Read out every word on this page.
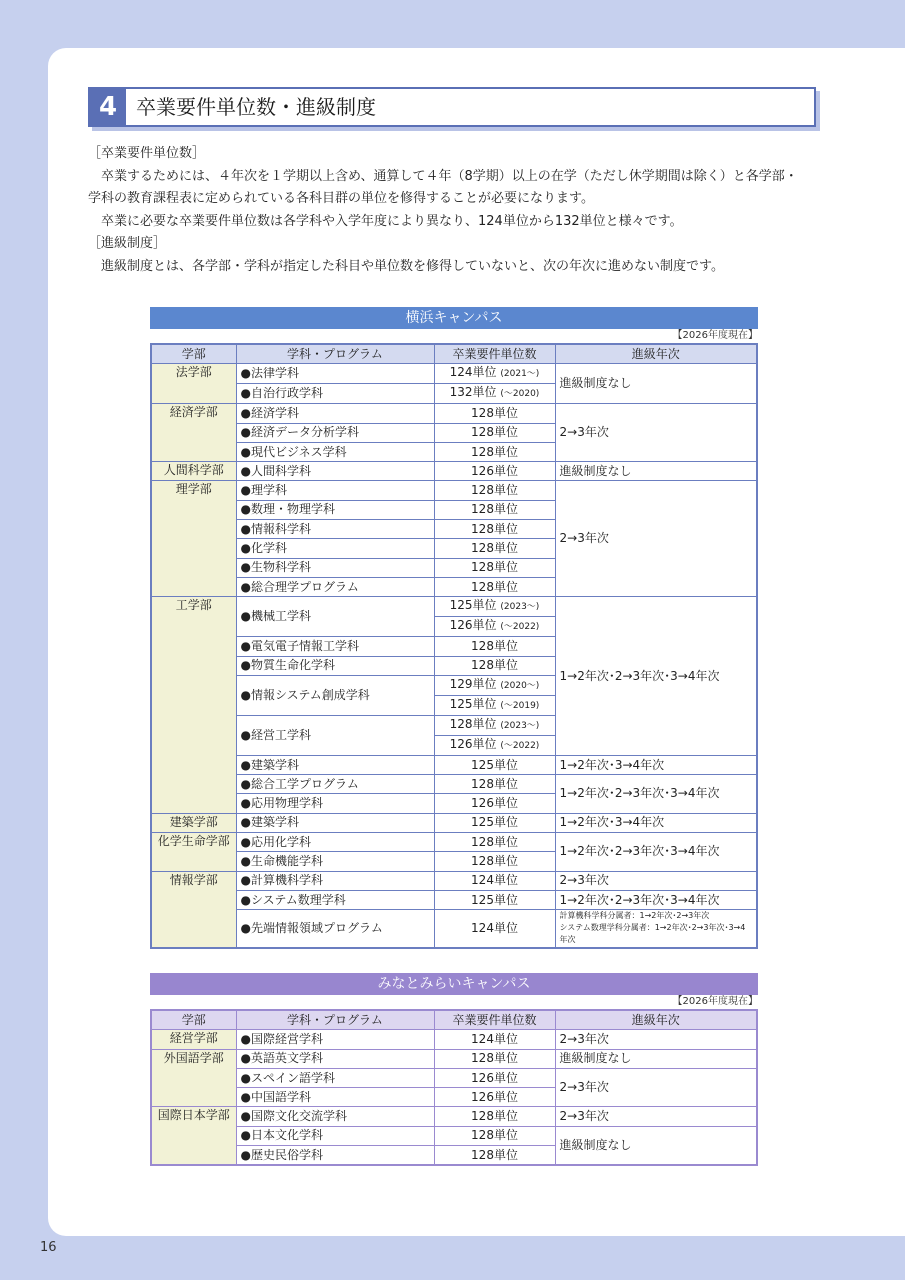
4 卒業要件単位数・進級制度

［卒業要件単位数］

卒業するためには、４年次を１学期以上含め、通算して４年（8学期）以上の在学（ただし休学期間は除く）と各学部・

学科の教育課程表に定められている各科目群の単位を修得することが必要になります。

卒業に必要な卒業要件単位数は各学科や入学年度により異なり、124単位から132単位と様々です。

［進級制度］

進級制度とは、各学部・学科が指定した科目や単位数を修得していないと、次の年次に進めない制度です。

横浜キャンパス
【2026年度現在】
学部	学科・プログラム	卒業要件単位数	進級年次
法学部	●法律学科	124単位 (2021～)	進級制度なし
	●自治行政学科	132単位 (～2020)	
経済学部	●経済学科	128単位	2→3年次
	●経済データ分析学科	128単位	
	●現代ビジネス学科	128単位	
人間科学部	●人間科学科	126単位	進級制度なし
理学部	●理学科	128単位	2→3年次
	●数理・物理学科	128単位	
	●情報科学科	128単位	
	●化学科	128単位	
	●生物科学科	128単位	
	●総合理学プログラム	128単位	
工学部	●機械工学科	125単位 (2023～)	1→2年次･2→3年次･3→4年次
		126単位 (～2022)	
	●電気電子情報工学科	128単位	
	●物質生命化学科	128単位	
	●情報システム創成学科	129単位 (2020～)	
		125単位 (～2019)	
	●経営工学科	128単位 (2023～)	
		126単位 (～2022)	
	●建築学科	125単位	1→2年次･3→4年次
	●総合工学プログラム	128単位	1→2年次･2→3年次･3→4年次
	●応用物理学科	126単位	
建築学部	●建築学科	125単位	1→2年次･3→4年次
化学生命学部	●応用化学科	128単位	1→2年次･2→3年次･3→4年次
	●生命機能学科	128単位	
情報学部	●計算機科学科	124単位	2→3年次
	●システム数理学科	125単位	1→2年次･2→3年次･3→4年次
	●先端情報領域プログラム	124単位	計算機科学科分属者：1→2年次･2→3年次
システム数理学科分属者：1→2年次･2→3年次･3→4年次
みなとみらいキャンパス
【2026年度現在】
学部	学科・プログラム	卒業要件単位数	進級年次
経営学部	●国際経営学科	124単位	2→3年次
外国語学部	●英語英文学科	128単位	進級制度なし
	●スペイン語学科	126単位	2→3年次
	●中国語学科	126単位	
国際日本学部	●国際文化交流学科	128単位	2→3年次
	●日本文化学科	128単位	進級制度なし
	●歴史民俗学科	128単位	
16
